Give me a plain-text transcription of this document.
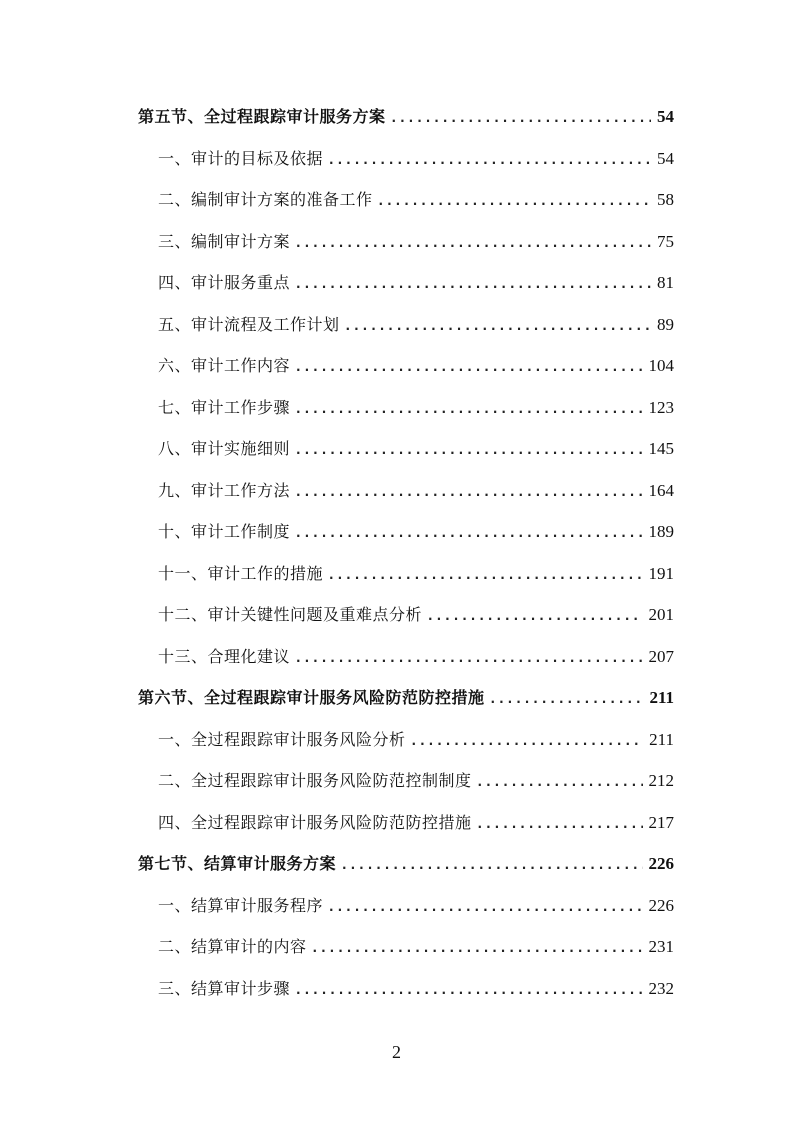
第五节、全过程跟踪审计服务方案 .....	54
一、审计的目标及依据 .....	54
二、编制审计方案的准备工作 .....	58
三、编制审计方案 .....	75
四、审计服务重点 .....	81
五、审计流程及工作计划 .....	89
六、审计工作内容 .....	104
七、审计工作步骤 .....	123
八、审计实施细则 .....	145
九、审计工作方法 .....	164
十、审计工作制度 .....	189
十一、审计工作的措施 .....	191
十二、审计关键性问题及重难点分析 .....	201
十三、合理化建议 .....	207
第六节、全过程跟踪审计服务风险防范防控措施 .....	211
一、全过程跟踪审计服务风险分析 .....	211
二、全过程跟踪审计服务风险防范控制制度 .....	212
四、全过程跟踪审计服务风险防范防控措施 .....	217
第七节、结算审计服务方案 .....	226
一、结算审计服务程序 .....	226
二、结算审计的内容 .....	231
三、结算审计步骤 .....	232
2
